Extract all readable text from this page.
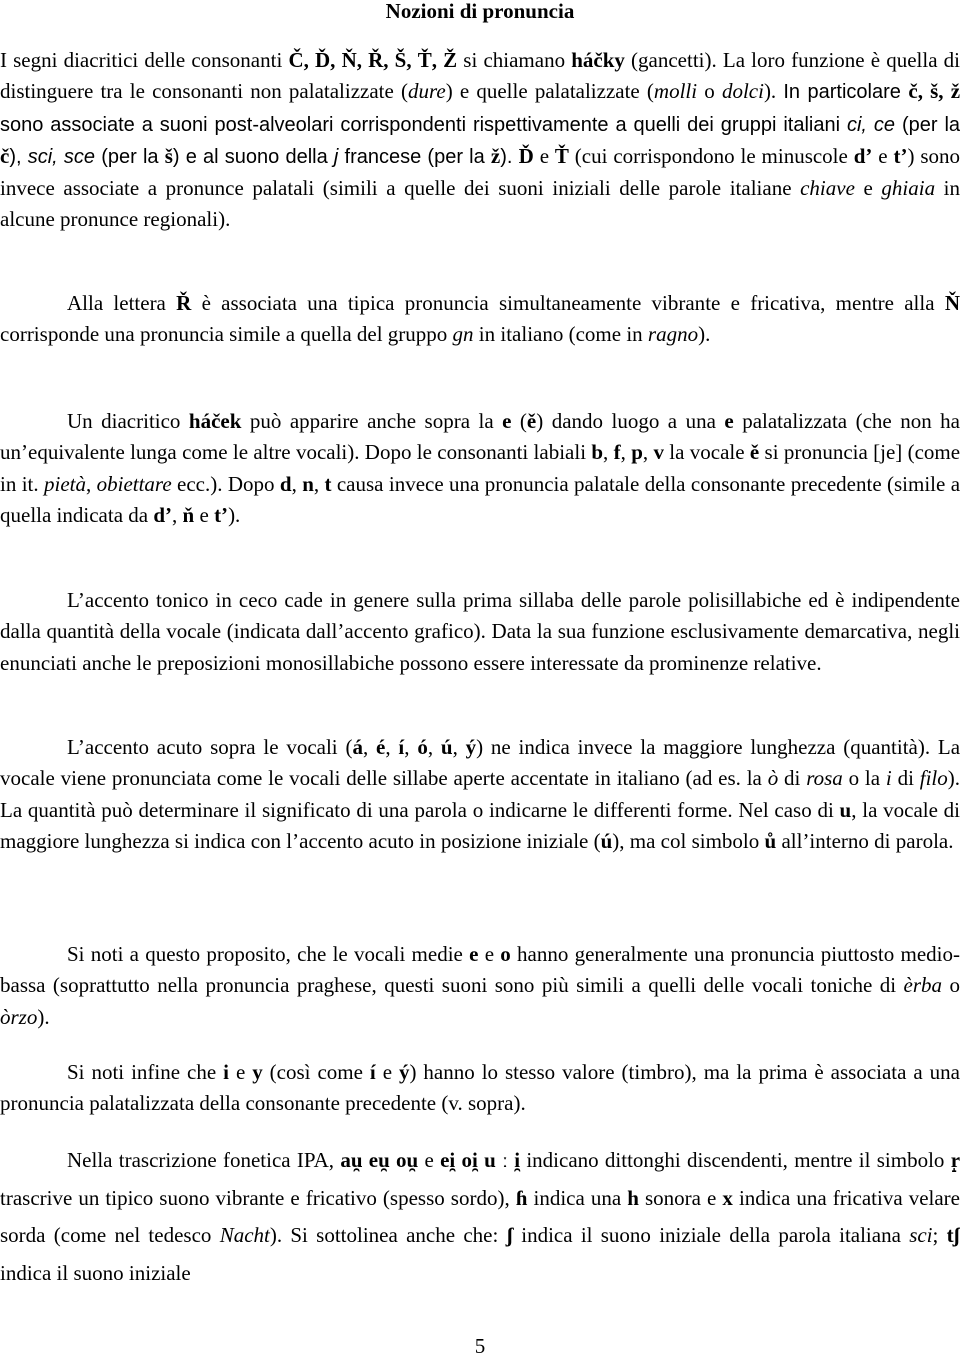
Nozioni di pronuncia

I segni diacritici delle consonanti Č, Ď, Ň, Ř, Š, Ť, Ž si chiamano háčky (gancetti). La loro funzione è quella di distinguere tra le consonanti non palatalizzate (dure) e quelle palatalizzate (molli o dolci). In particolare č, š, ž sono associate a suoni post-alveolari corrispondenti rispettivamente a quelli dei gruppi italiani ci, ce (per la č), sci, sce (per la š) e al suono della j francese (per la ž). Ď e Ť (cui corrispondono le minuscole d’ e t’) sono invece associate a pronunce palatali (simili a quelle dei suoni iniziali delle parole italiane chiave e ghiaia in alcune pronunce regionali).

Alla lettera Ř è associata una tipica pronuncia simultaneamente vibrante e fricativa, mentre alla Ň corrisponde una pronuncia simile a quella del gruppo gn in italiano (come in ragno).

Un diacritico háček può apparire anche sopra la e (ě) dando luogo a una e palatalizzata (che non ha un’equivalente lunga come le altre vocali). Dopo le consonanti labiali b, f, p, v la vocale ě si pronuncia [je] (come in it. pietà, obiettare ecc.). Dopo d, n, t causa invece una pronuncia palatale della consonante precedente (simile a quella indicata da d’, ň e t’).

L’accento tonico in ceco cade in genere sulla prima sillaba delle parole polisillabiche ed è indipendente dalla quantità della vocale (indicata dall’accento grafico). Data la sua funzione esclusivamente demarcativa, negli enunciati anche le preposizioni monosillabiche possono essere interessate da prominenze relative.

L’accento acuto sopra le vocali (á, é, í, ó, ú, ý) ne indica invece la maggiore lunghezza (quantità). La vocale viene pronunciata come le vocali delle sillabe aperte accentate in italiano (ad es. la ò di rosa o la i di filo). La quantità può determinare il significato di una parola o indicarne le differenti forme. Nel caso di u, la vocale di maggiore lunghezza si indica con l’accento acuto in posizione iniziale (ú), ma col simbolo ů all’interno di parola.

Si noti a questo proposito, che le vocali medie e e o hanno generalmente una pronuncia piuttosto medio-bassa (soprattutto nella pronuncia praghese, questi suoni sono più simili a quelli delle vocali toniche di èrba o òrzo).

Si noti infine che i e y (così come í e ý) hanno lo stesso valore (timbro), ma la prima è associata a una pronuncia palatalizzata della consonante precedente (v. sopra).

Nella trascrizione fonetica IPA, au̯ eu̯ ou̯ e ei̯ oi̯ u ː i̯ indicano dittonghi discendenti, mentre il simbolo r̝ trascrive un tipico suono vibrante e fricativo (spesso sordo), ɦ indica una h sonora e x indica una fricativa velare sorda (come nel tedesco Nacht). Si sottolinea anche che: ʃ indica il suono iniziale della parola italiana sci; tʃ indica il suono iniziale

5
